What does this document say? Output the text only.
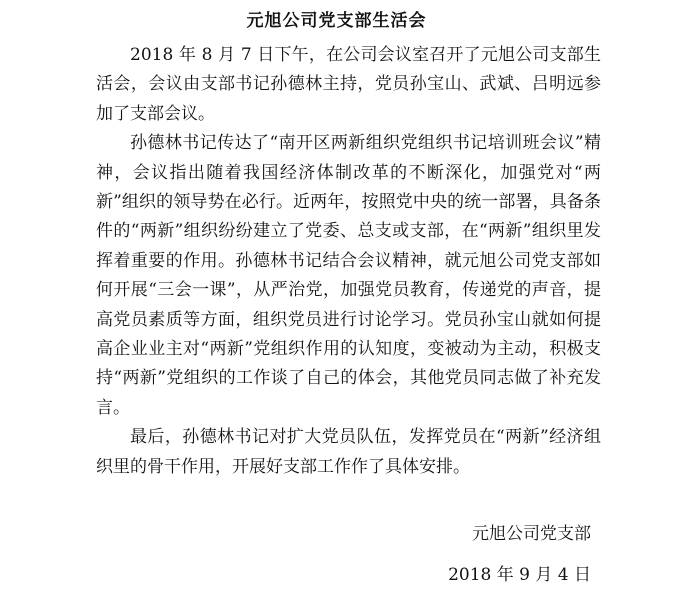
元旭公司党支部生活会

2018 年 8 月 7 日下午，在公司会议室召开了元旭公司支部生活会，会议由支部书记孙德林主持，党员孙宝山、武斌、吕明远参加了支部会议。

孙德林书记传达了“南开区两新组织党组织书记培训班会议”精神，会议指出随着我国经济体制改革的不断深化，加强党对“两新”组织的领导势在必行。近两年，按照党中央的统一部署，具备条件的“两新”组织纷纷建立了党委、总支或支部，在“两新”组织里发挥着重要的作用。孙德林书记结合会议精神，就元旭公司党支部如何开展“三会一课”，从严治党，加强党员教育，传递党的声音，提高党员素质等方面，组织党员进行讨论学习。党员孙宝山就如何提高企业业主对“两新”党组织作用的认知度，变被动为主动，积极支持“两新”党组织的工作谈了自己的体会，其他党员同志做了补充发言。

最后，孙德林书记对扩大党员队伍，发挥党员在“两新”经济组织里的骨干作用，开展好支部工作作了具体安排。

元旭公司党支部
2018 年 9 月 4 日
